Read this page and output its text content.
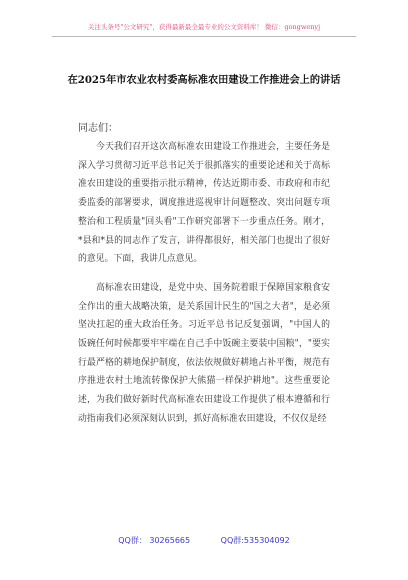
关注头条号"公文研究"，获得最新最全最专业的公文资料库！ 微信：gongwenyj
在2025年市农业农村委高标准农田建设工作推进会上的讲话
同志们：

今天我们召开这次高标准农田建设工作推进会，主要任务是深入学习贯彻习近平总书记关于很抓落实的重要论述和关于高标准农田建设的重要指示批示精神，传达近期市委、市政府和市纪委监委的部署要求，调度推进巡视审计问题整改、突出问题专项整治和工程质量"回头看"工作研究部署下一步重点任务。刚才，*县和*县的同志作了发言，讲得都很好，相关部门也提出了很好的意见。下面，我讲几点意见。

高标准农田建设，是党中央、国务院着眼于保障国家粮食安全作出的重大战略决策，是关系国计民生的"国之大者"，是必须坚决扛起的重大政治任务。习近平总书记反复强调，"中国人的饭碗任何时候都要牢牢端在自己手中饭碗主要装中国粮"，"要实行最严格的耕地保护制度，依法依规做好耕地占补平衡，规范有序推进农村土地流转像保护大熊猫一样保护耕地"。这些重要论述，为我们做好新时代高标准农田建设工作提供了根本遵循和行动指南我们必须深刻认识到，抓好高标准农田建设，不仅仅是经

QQ群： 30265665	QQ群:535304092
